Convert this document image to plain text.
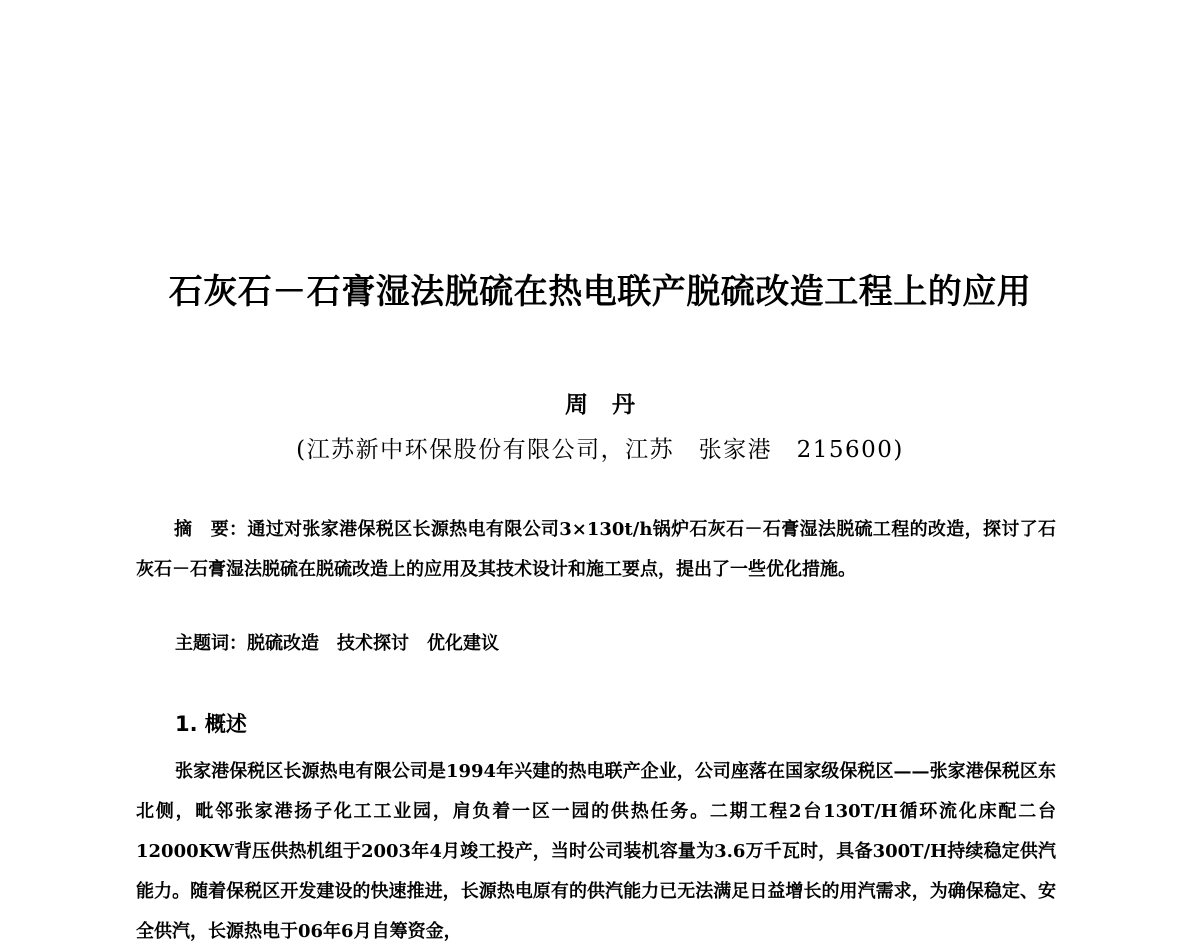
石灰石－石膏湿法脱硫在热电联产脱硫改造工程上的应用
周丹
(江苏新中环保股份有限公司，江苏　张家港　215600)
摘　要：通过对张家港保税区长源热电有限公司3×130t/h锅炉石灰石－石膏湿法脱硫工程的改造，探讨了石灰石－石膏湿法脱硫在脱硫改造上的应用及其技术设计和施工要点，提出了一些优化措施。
主题词：脱硫改造 技术探讨 优化建议
1. 概述
张家港保税区长源热电有限公司是1994年兴建的热电联产企业，公司座落在国家级保税区——张家港保税区东北侧，毗邻张家港扬子化工工业园，肩负着一区一园的供热任务。二期工程2台130T/H循环流化床配二台12000KW背压供热机组于2003年4月竣工投产，当时公司装机容量为3.6万千瓦时，具备300T/H持续稳定供汽能力。随着保税区开发建设的快速推进，长源热电原有的供汽能力已无法满足日益增长的用汽需求，为确保稳定、安全供汽，长源热电于06年6月自筹资金，
